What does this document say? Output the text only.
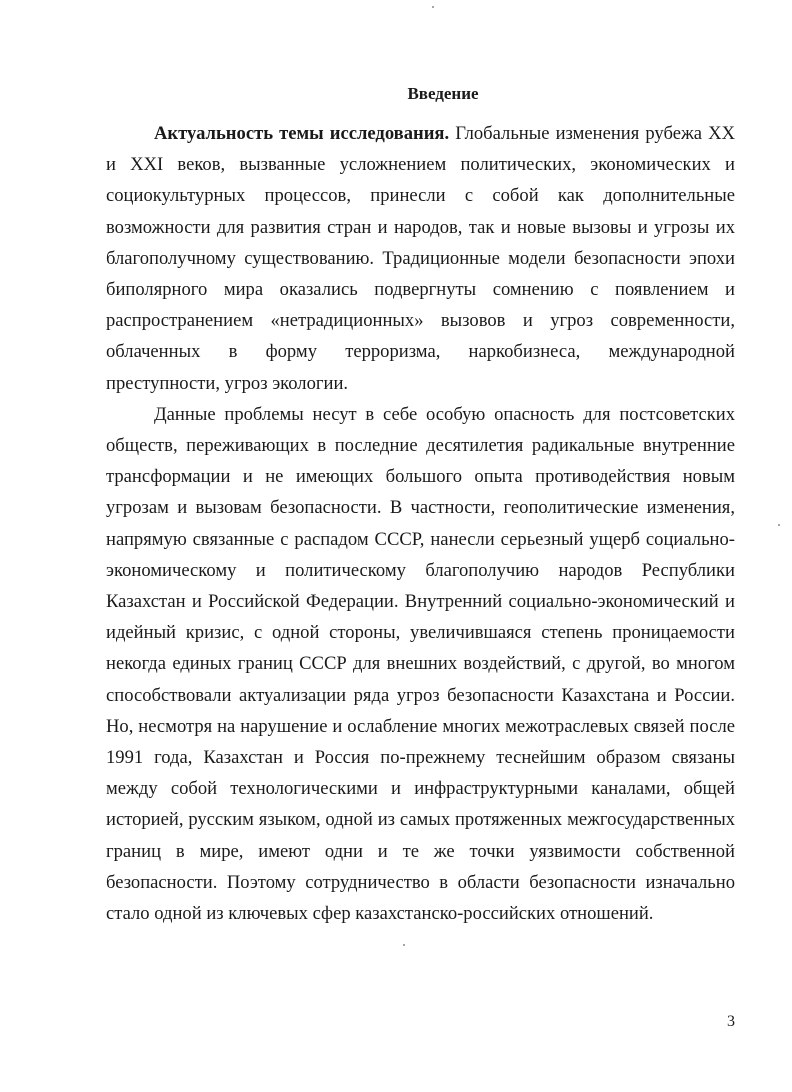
Введение

Актуальность темы исследования. Глобальные изменения рубежа XX и XXI веков, вызванные усложнением политических, экономических и социокультурных процессов, принесли с собой как дополнительные возможности для развития стран и народов, так и новые вызовы и угрозы их благополучному существованию. Традиционные модели безопасности эпохи биполярного мира оказались подвергнуты сомнению с появлением и распространением «нетрадиционных» вызовов и угроз современности, облаченных в форму терроризма, наркобизнеса, международной преступности, угроз экологии.

Данные проблемы несут в себе особую опасность для постсоветских обществ, переживающих в последние десятилетия радикальные внутренние трансформации и не имеющих большого опыта противодействия новым угрозам и вызовам безопасности. В частности, геополитические изменения, напрямую связанные с распадом СССР, нанесли серьезный ущерб социально-экономическому и политическому благополучию народов Республики Казахстан и Российской Федерации. Внутренний социально-экономический и идейный кризис, с одной стороны, увеличившаяся степень проницаемости некогда единых границ СССР для внешних воздействий, с другой, во многом способствовали актуализации ряда угроз безопасности Казахстана и России. Но, несмотря на нарушение и ослабление многих межотраслевых связей после 1991 года, Казахстан и Россия по-прежнему теснейшим образом связаны между собой технологическими и инфраструктурными каналами, общей историей, русским языком, одной из самых протяженных межгосударственных границ в мире, имеют одни и те же точки уязвимости собственной безопасности. Поэтому сотрудничество в области безопасности изначально стало одной из ключевых сфер казахстанско-российских отношений.

3
